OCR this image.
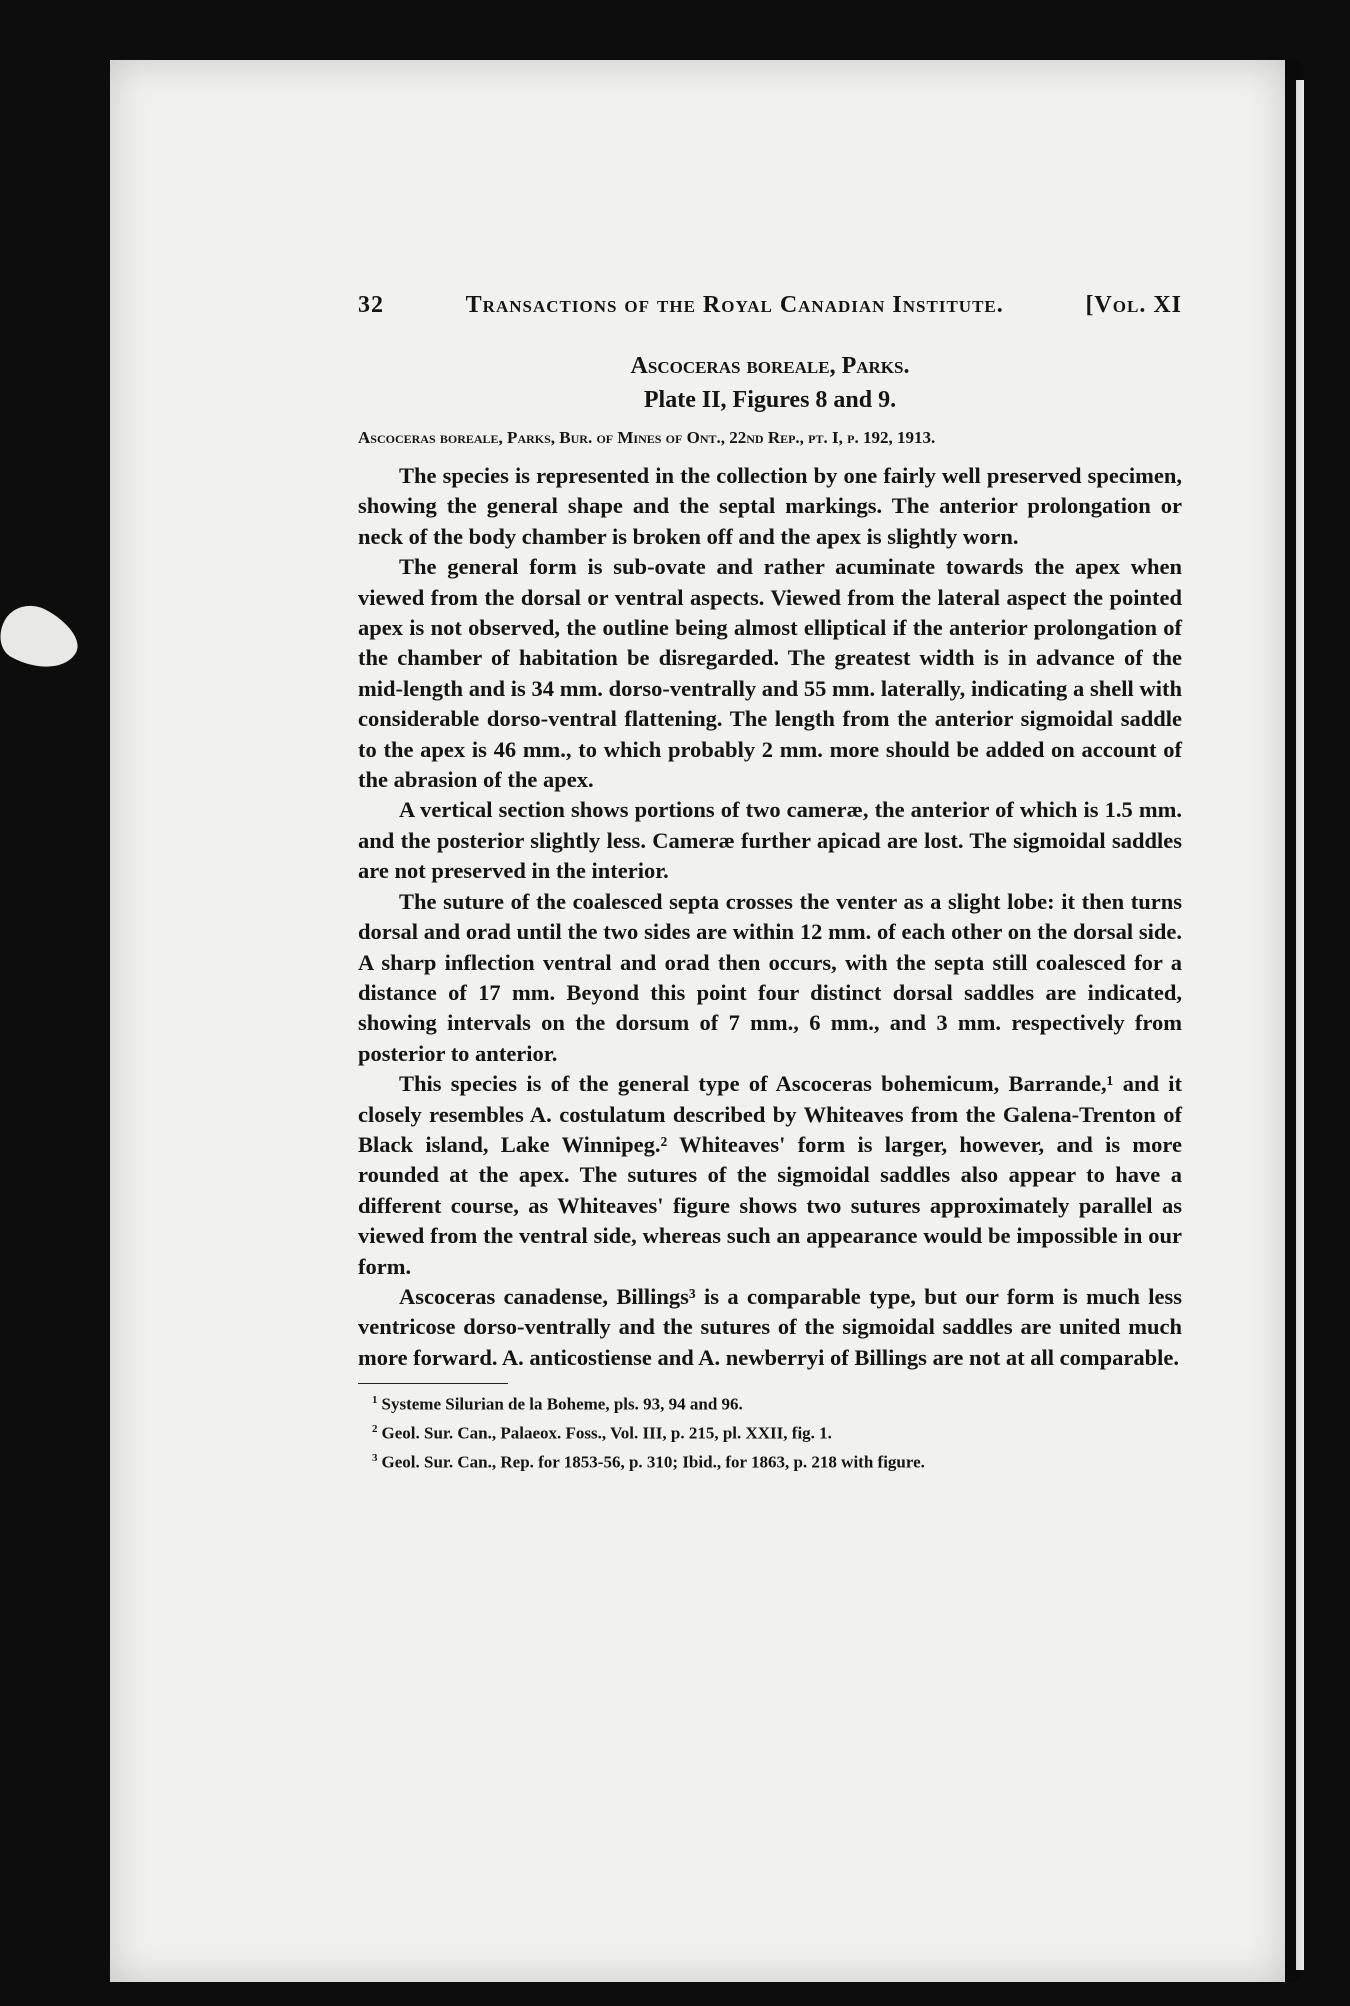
32	Transactions of the Royal Canadian Institute.	[Vol. XI
Ascoceras boreale, Parks.
Plate II, Figures 8 and 9.
Ascoceras boreale, Parks, Bur. of Mines of Ont., 22nd Rep., pt. I, p. 192, 1913.

The species is represented in the collection by one fairly well preserved specimen, showing the general shape and the septal markings. The anterior prolongation or neck of the body chamber is broken off and the apex is slightly worn.

The general form is sub-ovate and rather acuminate towards the apex when viewed from the dorsal or ventral aspects. Viewed from the lateral aspect the pointed apex is not observed, the outline being almost elliptical if the anterior prolongation of the chamber of habitation be disregarded. The greatest width is in advance of the mid-length and is 34 mm. dorso-ventrally and 55 mm. laterally, indicating a shell with considerable dorso-ventral flattening. The length from the anterior sigmoidal saddle to the apex is 46 mm., to which probably 2 mm. more should be added on account of the abrasion of the apex.

A vertical section shows portions of two cameræ, the anterior of which is 1.5 mm. and the posterior slightly less. Cameræ further apicad are lost. The sigmoidal saddles are not preserved in the interior.

The suture of the coalesced septa crosses the venter as a slight lobe: it then turns dorsal and orad until the two sides are within 12 mm. of each other on the dorsal side. A sharp inflection ventral and orad then occurs, with the septa still coalesced for a distance of 17 mm. Beyond this point four distinct dorsal saddles are indicated, showing intervals on the dorsum of 7 mm., 6 mm., and 3 mm. respectively from posterior to anterior.

This species is of the general type of Ascoceras bohemicum, Barrande,¹ and it closely resembles A. costulatum described by Whiteaves from the Galena-Trenton of Black island, Lake Winnipeg.² Whiteaves' form is larger, however, and is more rounded at the apex. The sutures of the sigmoidal saddles also appear to have a different course, as Whiteaves' figure shows two sutures approximately parallel as viewed from the ventral side, whereas such an appearance would be impossible in our form.

Ascoceras canadense, Billings³ is a comparable type, but our form is much less ventricose dorso-ventrally and the sutures of the sigmoidal saddles are united much more forward. A. anticostiense and A. newberryi of Billings are not at all comparable.

$^1$ Systeme Silurian de la Boheme, pls. 93, 94 and 96.
$^2$ Geol. Sur. Can., Palaeox. Foss., Vol. III, p. 215, pl. XXII, fig. 1.
$^3$ Geol. Sur. Can., Rep. for 1853-56, p. 310; Ibid., for 1863, p. 218 with figure.
